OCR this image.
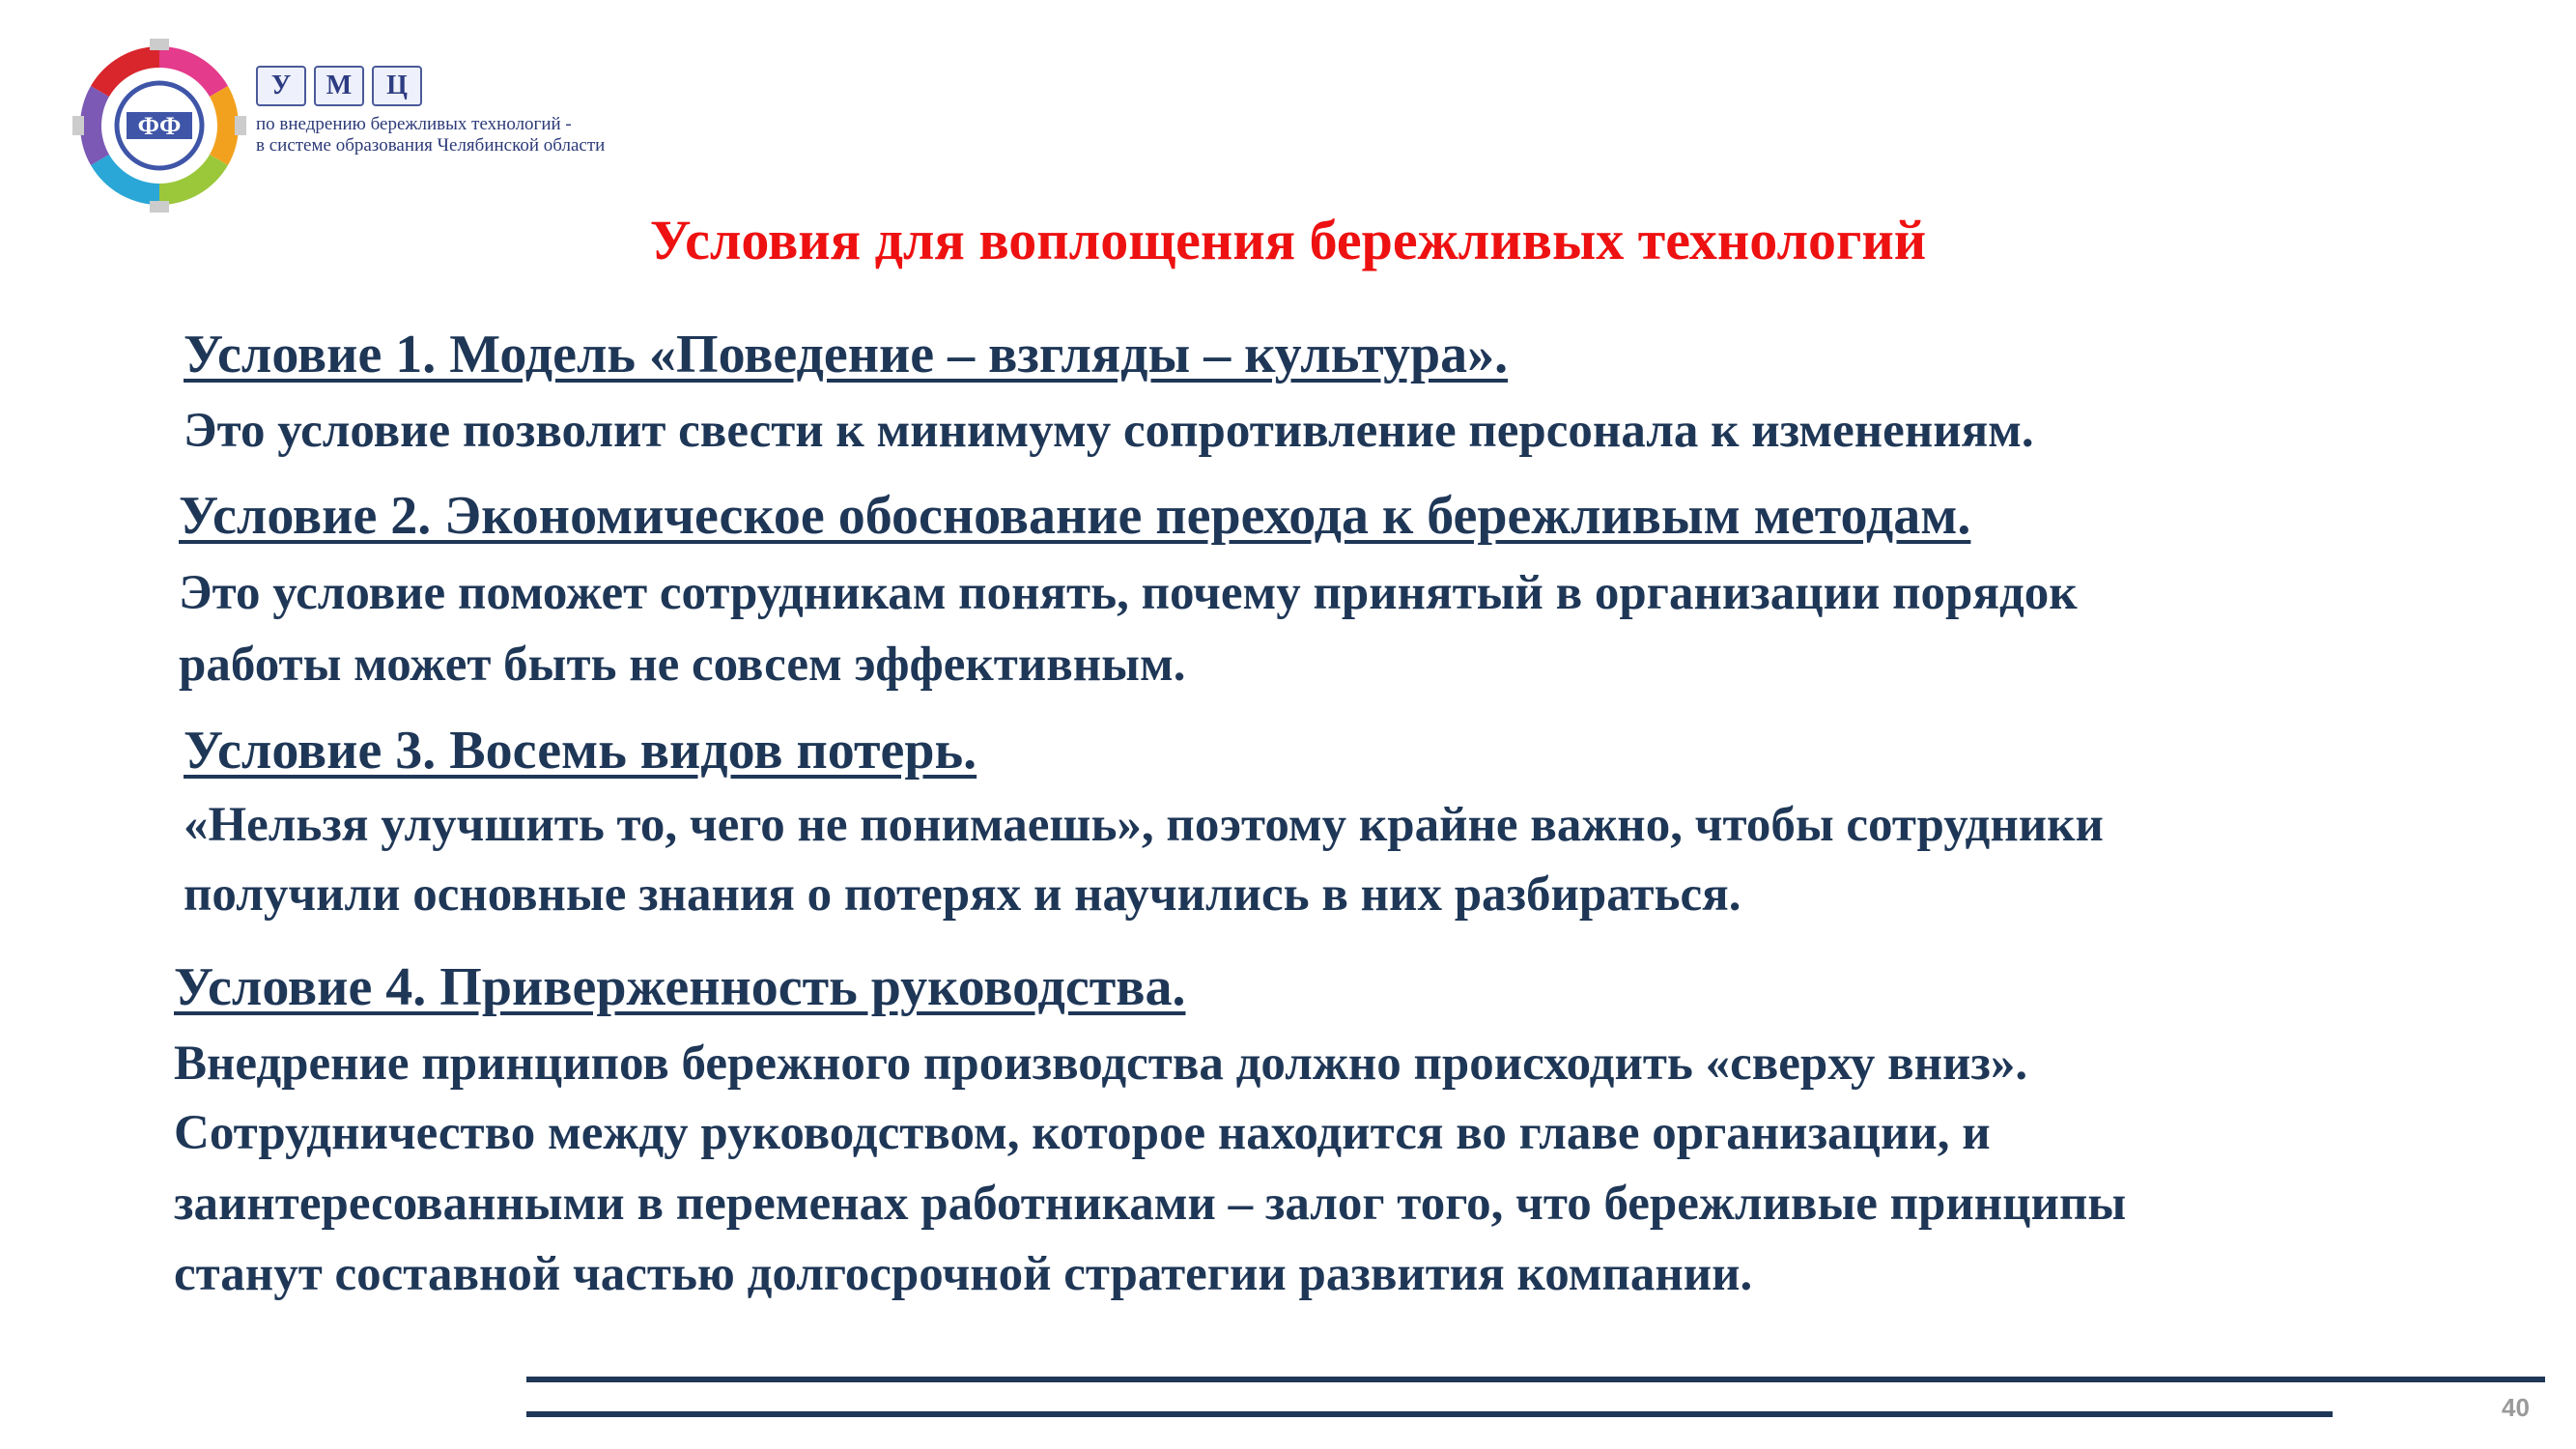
ФФ
У	М	Ц
по внедрению бережливых технологий -
в системе образования Челябинской области
Условия для воплощения бережливых технологий
Условие 1. Модель «Поведение – взгляды – культура».

Это условие позволит свести к минимуму сопротивление персонала к изменениям.

Условие 2. Экономическое обоснование перехода к бережливым методам.

Это условие поможет сотрудникам понять, почему принятый в организации порядок

работы может быть не совсем эффективным.

Условие 3. Восемь видов потерь.

«Нельзя улучшить то, чего не понимаешь», поэтому крайне важно, чтобы сотрудники

получили основные знания о потерях и научились в них разбираться.

Условие 4. Приверженность руководства.

Внедрение принципов бережного производства должно происходить «сверху вниз».

Сотрудничество между руководством, которое находится во главе организации, и

заинтересованными в переменах работниками – залог того, что бережливые принципы

станут составной частью долгосрочной стратегии развития компании.

40
